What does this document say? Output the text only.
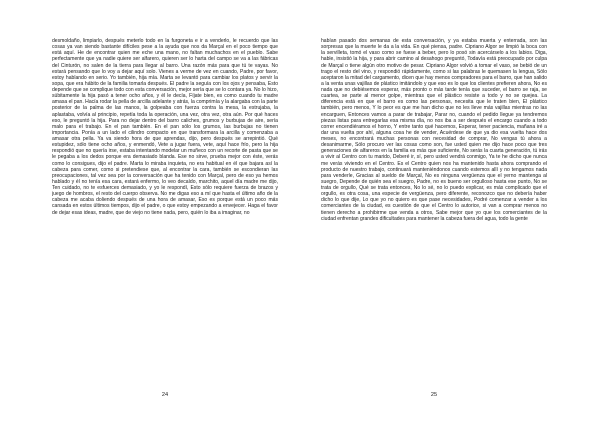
desmoldaño, limpiarlo, después meterlo todo en la furgoneta e ir a venderlo, le recuerdo que las cosas ya van siendo bastante difíciles pese a la ayuda que nos da Marçal en el poco tiempo que está aquí. He de encontrar quien me eche una mano, no faltan muchachos en el pueblo. Sabe perfectamente que ya nadie quiere ser alfarero, quieren ser lo harta del campo se va a las fábricas del Cinturón, no salen de la tierra para llegar al barro. Una razón más para que tú te vayas. No estará pensando que lo voy a dejar aquí solo. Vienes a verme de vez en cuando, Padre, por favor, estoy hablando en serio. Yo también, hija mía. Marta se levantó para cambiar los platos y servir la sopa, que era hábito de la familia tomarla después. El padre la seguía con los ojos y pensaba, Esto depende que se complique todo con esta conversación, mejor sería que se lo contara ya. No lo hizo, súbitamente la hija pasó a tener ocho años, y él le decía, Fíjate bien, es como cuando tu madre amasa el pan. Hacía rodar la pella de arcilla adelante y atrás, la comprimía y la alargaba con la parte posterior de la palma de las manos, la golpeaba con fuerza contra la mesa, la estrujaba, la aplastaba, volvía al principio, repetía toda la operación, una vez, otra vez, otra aún. Por qué haces eso, le preguntó la hija. Para no dejar dentro del barro caliches, grumos y burbujas de aire, sería malo para el trabajo. En el pan también. En el pan sólo los grumos, las burbujas no tienen importancia. Ponía a un lado el cilindro compacto en que transformara la arcilla y comenzaba a amasar otra pella. Ya va siendo hora de que aprendas, dijo, pero después se arrepintió. Qué estupidez, sólo tiene ocho años, y enmendó, Vete a jugar fuera, vete, aquí hace frío, pero la hija respondió que no quería irse, estaba intentando modelar un muñeco con un recorte de pasta que se le pegaba a los dedos porque era demasiado blanda. Ese no sirve, prueba mejor con éste, verás como lo consigues, dijo el padre. Marta lo miraba inquieta, no era habitual en él que bajara así la cabeza para comer, como si pretendiese que, al encontrar la cara, también se escondieran las preocupaciones, tal vez sea por la conversación que ha tenido con Marçal, pero de eso ya hemos hablado y él no tenía esa cara, estará enfermo, lo veo decaído, marchito, aquel día madre me dijo, Ten cuidado, no te esfuerces demasiado, y yo le respondí, Esto sólo requiere fuerza de brazos y juego de hombros, el resto del cuerpo observa. No me digas eso a mí que hasta el último año de la cabeza me acaba doliendo después de una hora de amasar, Eso es porque está un poco más cansada en estos últimos tiempos, dijo el padre, o que estoy empezando a envejecer. Haga el favor de dejar esas ideas, madre, que de viejo no tiene nada, pero, quién lo iba a imaginar, no
24
habían pasado dos semanas de esta conversación, y ya estaba muerta y enterrada, son las sorpresas que la muerte le da a la vida. En qué piensa, padre. Cipriano Algor se limpió la boca con la servilleta, tomó el vaso como se fuese a beber, pero lo posó sin acercárselo a los labios. Diga, hable, insistió la hija, y para abrir camino al desahogo preguntó, Todavía está preocupado por culpa de Marçal o tiene algún otro motivo de pesar. Cipriano Algor volvió a tomar el vaso, se bebió de un trago el resto del vino, y respondió rápidamente, como si las palabras le quemasen la lengua, Sólo aceptaron la mitad del cargamento, dicen que hay menos compradores para el barro, que han salido a la venta unas vajillas de plástico imitándolo y que eso es lo que los clientes prefieren ahora, No es nada que no debiésemos esperar, más pronto o más tarde tenía que suceder, el barro se raja, se cuartea, se parte al menor golpe, mientras que el plástico resiste a todo y no se quejea. La diferencia está en que el barro es como las personas, necesita que le traten bien, El plástico también, pero menos, Y lo peor es que me han dicho que no les lleve más vajillas mientras no las encarguen, Entonces vamos a parar de trabajar, Parar no, cuando el pedido llegue ya tendremos piezas listas para entregarlas esa misma día, no nos iba a ser después el encargo cuando a todo correr encendiéramos el horno, Y entre tanto qué hacemos, Esperar, tener paciencia, mañana iré a dar una vuelta por ahí, alguna cosa he de vender, Acuérdese de que ya dio esa vuelta hace dos meses, no encontrará muchas personas con necesidad de comprar, No vengas tú ahora a desanimarme, Sólo procuro ver las cosas como son, fue usted quien me dijo hace poco que tres generaciones de alfareros en la familia es más que suficiente, No serás la cuarta generación, tú irás a vivir al Centro con tu marido, Deberé ir, sí, pero usted vendrá conmigo, Ya te he dicho que nunca me verás viviendo en el Centro. Es el Centro quien nos ha mantenido hasta ahora comprando el producto de nuestro trabajo, continuará manteniéndonos cuando estemos allí y no tengamos nada para venderle, Gracias al sueldo de Marçal, No es ninguna vergüenza que el yerno mantenga al suegro, Depende de quién sea el suegro, Padre, no es bueno ser orgulloso hasta ese punto, No se trata de orgullo, Qué se trata entonces, No lo sé, no lo puedo explicar, es más complicado que el orgullo, es otra cosa, una especie de vergüenza, pero diferente, reconozco que no debería haber dicho lo que dije, Lo que yo no quiero es que pase necesidades, Podré comenzar a vender a los comerciantes de la ciudad, es cuestión de que el Centro lo autorice, si van a comprar menos no tienen derecho a prohibirme que venda a otros, Sabe mejor que yo que los comerciantes de la ciudad enfrentan grandes dificultades para mantener la cabeza fuera del agua, todo la gente
25
